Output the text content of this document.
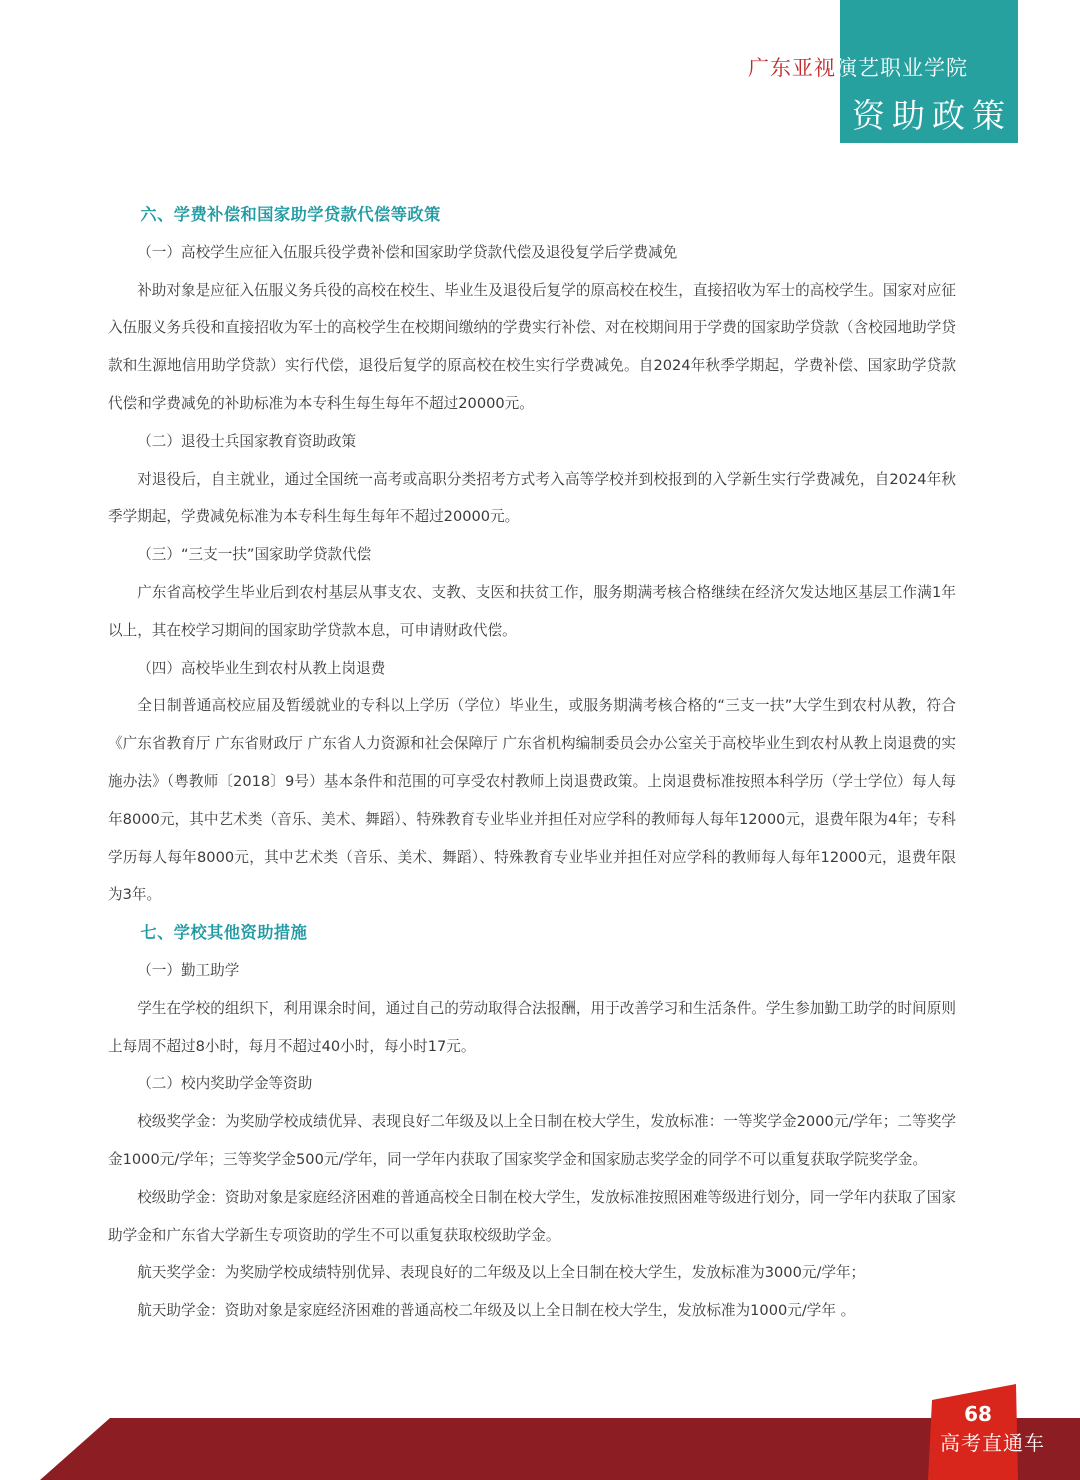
广东亚视演艺职业学院
资助政策

六、学费补偿和国家助学贷款代偿等政策

（一）高校学生应征入伍服兵役学费补偿和国家助学贷款代偿及退役复学后学费减免

补助对象是应征入伍服义务兵役的高校在校生、毕业生及退役后复学的原高校在校生，直接招收为军士的高校学生。国家对应征入伍服义务兵役和直接招收为军士的高校学生在校期间缴纳的学费实行补偿、对在校期间用于学费的国家助学贷款（含校园地助学贷款和生源地信用助学贷款）实行代偿，退役后复学的原高校在校生实行学费减免。自2024年秋季学期起，学费补偿、国家助学贷款代偿和学费减免的补助标准为本专科生每生每年不超过20000元。

（二）退役士兵国家教育资助政策

对退役后，自主就业，通过全国统一高考或高职分类招考方式考入高等学校并到校报到的入学新生实行学费减免，自2024年秋季学期起，学费减免标准为本专科生每生每年不超过20000元。

（三）“三支一扶”国家助学贷款代偿

广东省高校学生毕业后到农村基层从事支农、支教、支医和扶贫工作，服务期满考核合格继续在经济欠发达地区基层工作满1年以上，其在校学习期间的国家助学贷款本息，可申请财政代偿。

（四）高校毕业生到农村从教上岗退费

全日制普通高校应届及暂缓就业的专科以上学历（学位）毕业生，或服务期满考核合格的“三支一扶”大学生到农村从教，符合《广东省教育厅 广东省财政厅 广东省人力资源和社会保障厅 广东省机构编制委员会办公室关于高校毕业生到农村从教上岗退费的实施办法》（粤教师〔2018〕9号）基本条件和范围的可享受农村教师上岗退费政策。上岗退费标准按照本科学历（学士学位）每人每年8000元，其中艺术类（音乐、美术、舞蹈）、特殊教育专业毕业并担任对应学科的教师每人每年12000元，退费年限为4年；专科学历每人每年8000元，其中艺术类（音乐、美术、舞蹈）、特殊教育专业毕业并担任对应学科的教师每人每年12000元，退费年限为3年。

七、学校其他资助措施

（一）勤工助学

学生在学校的组织下，利用课余时间，通过自己的劳动取得合法报酬，用于改善学习和生活条件。学生参加勤工助学的时间原则上每周不超过8小时，每月不超过40小时，每小时17元。

（二）校内奖助学金等资助

校级奖学金：为奖励学校成绩优异、表现良好二年级及以上全日制在校大学生，发放标准：一等奖学金2000元/学年；二等奖学金1000元/学年；三等奖学金500元/学年，同一学年内获取了国家奖学金和国家励志奖学金的同学不可以重复获取学院奖学金。

校级助学金：资助对象是家庭经济困难的普通高校全日制在校大学生，发放标准按照困难等级进行划分，同一学年内获取了国家助学金和广东省大学新生专项资助的学生不可以重复获取校级助学金。

航天奖学金：为奖励学校成绩特别优异、表现良好的二年级及以上全日制在校大学生，发放标准为3000元/学年；

航天助学金：资助对象是家庭经济困难的普通高校二年级及以上全日制在校大学生，发放标准为1000元/学年 。

68
高考直通车
